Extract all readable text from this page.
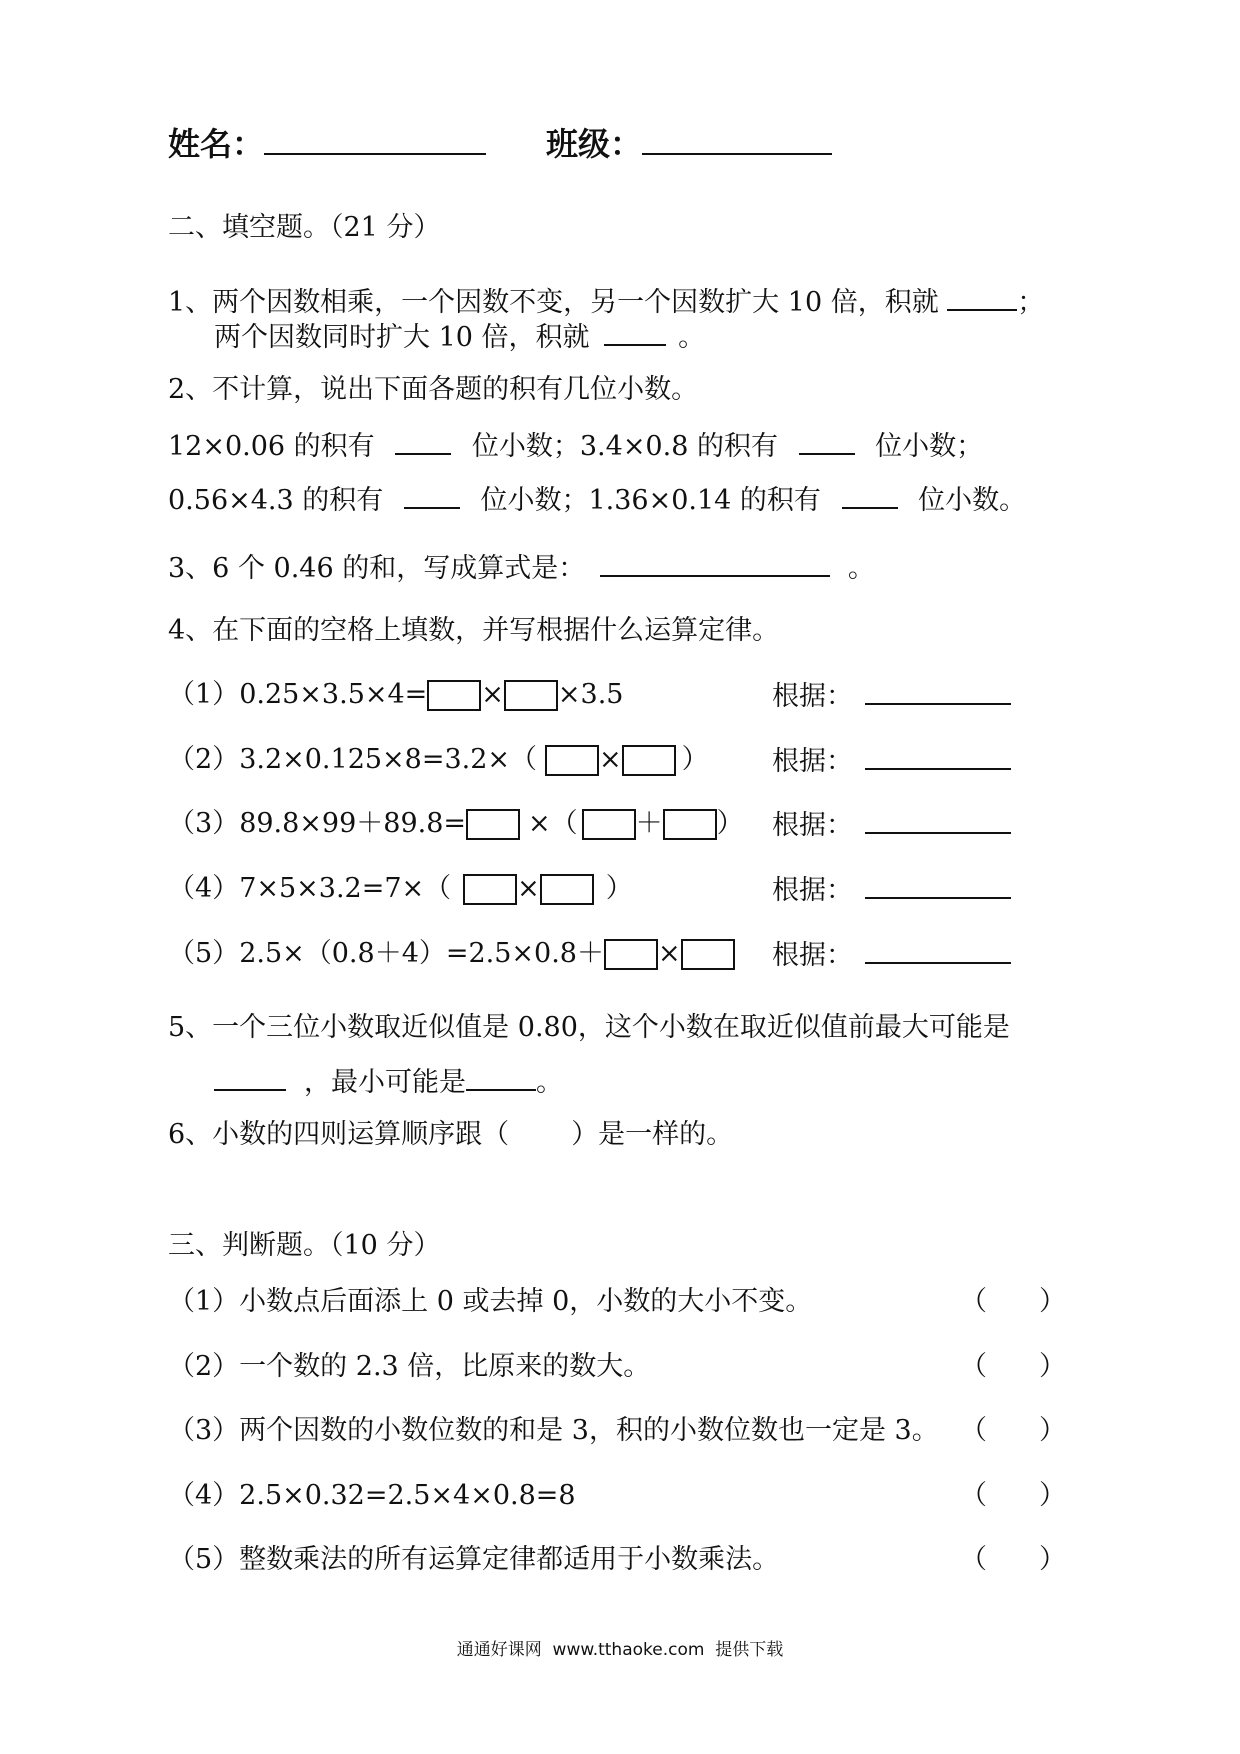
姓名：	班级：
二、填空题。（21 分）
1、两个因数相乘，一个因数不变，另一个因数扩大 10 倍，积就	；
两个因数同时扩大 10 倍，积就	。
2、不计算，说出下面各题的积有几位小数。
12×0.06 的积有	位小数；3.4×0.8 的积有	位小数；
0.56×4.3 的积有	位小数；1.36×0.14 的积有	位小数。
3、6 个 0.46 的和，写成算式是：	。
4、在下面的空格上填数，并写根据什么运算定律。
（1）0.25×3.5×4= × ×3.5
（2）3.2×0.125×8=3.2×（ × ）
（3）89.8×99＋89.8= ×（ ＋ ）
（4）7×5×3.2=7×（ × ）
（5）2.5×（0.8＋4）=2.5×0.8＋ ×
根据：
根据：
根据：
根据：
根据：
5、一个三位小数取近似值是 0.80，这个小数在取近似值前最大可能是
，最小可能是	。
6、小数的四则运算顺序跟（ ）是一样的。
三、判断题。（10 分）
（1）小数点后面添上 0 或去掉 0，小数的大小不变。
（2）一个数的 2.3 倍，比原来的数大。
（3）两个因数的小数位数的和是 3，积的小数位数也一定是 3。
（4）2.5×0.32=2.5×4×0.8=8
（5）整数乘法的所有运算定律都适用于小数乘法。
（ ）
（ ）
（ ）
（ ）
（ ）
通通好课网  www.tthaoke.com  提供下载
